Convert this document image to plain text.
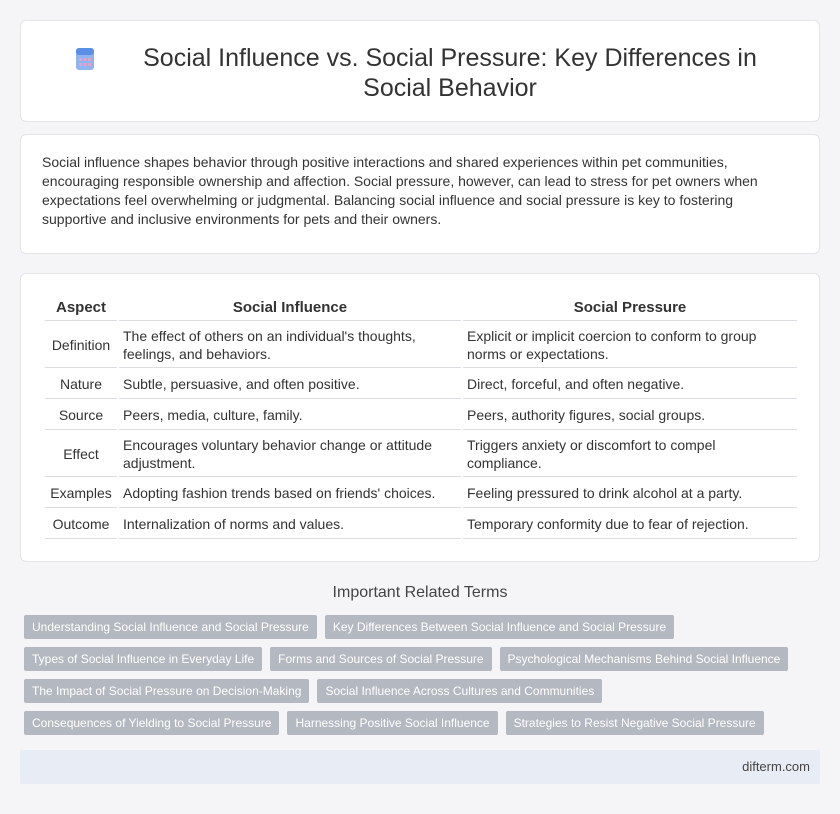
Social Influence vs. Social Pressure: Key Differences in Social Behavior

Social influence shapes behavior through positive interactions and shared experiences within pet communities, encouraging responsible ownership and affection. Social pressure, however, can lead to stress for pet owners when expectations feel overwhelming or judgmental. Balancing social influence and social pressure is key to fostering supportive and inclusive environments for pets and their owners.

Aspect	Social Influence	Social Pressure
Definition	The effect of others on an individual's thoughts, feelings, and behaviors.	Explicit or implicit coercion to conform to group norms or expectations.
Nature	Subtle, persuasive, and often positive.	Direct, forceful, and often negative.
Source	Peers, media, culture, family.	Peers, authority figures, social groups.
Effect	Encourages voluntary behavior change or attitude adjustment.	Triggers anxiety or discomfort to compel compliance.
Examples	Adopting fashion trends based on friends' choices.	Feeling pressured to drink alcohol at a party.
Outcome	Internalization of norms and values.	Temporary conformity due to fear of rejection.
Important Related Terms
Understanding Social Influence and Social Pressure	Key Differences Between Social Influence and Social Pressure
Types of Social Influence in Everyday Life	Forms and Sources of Social Pressure	Psychological Mechanisms Behind Social Influence
The Impact of Social Pressure on Decision-Making	Social Influence Across Cultures and Communities
Consequences of Yielding to Social Pressure	Harnessing Positive Social Influence	Strategies to Resist Negative Social Pressure
difterm.com
